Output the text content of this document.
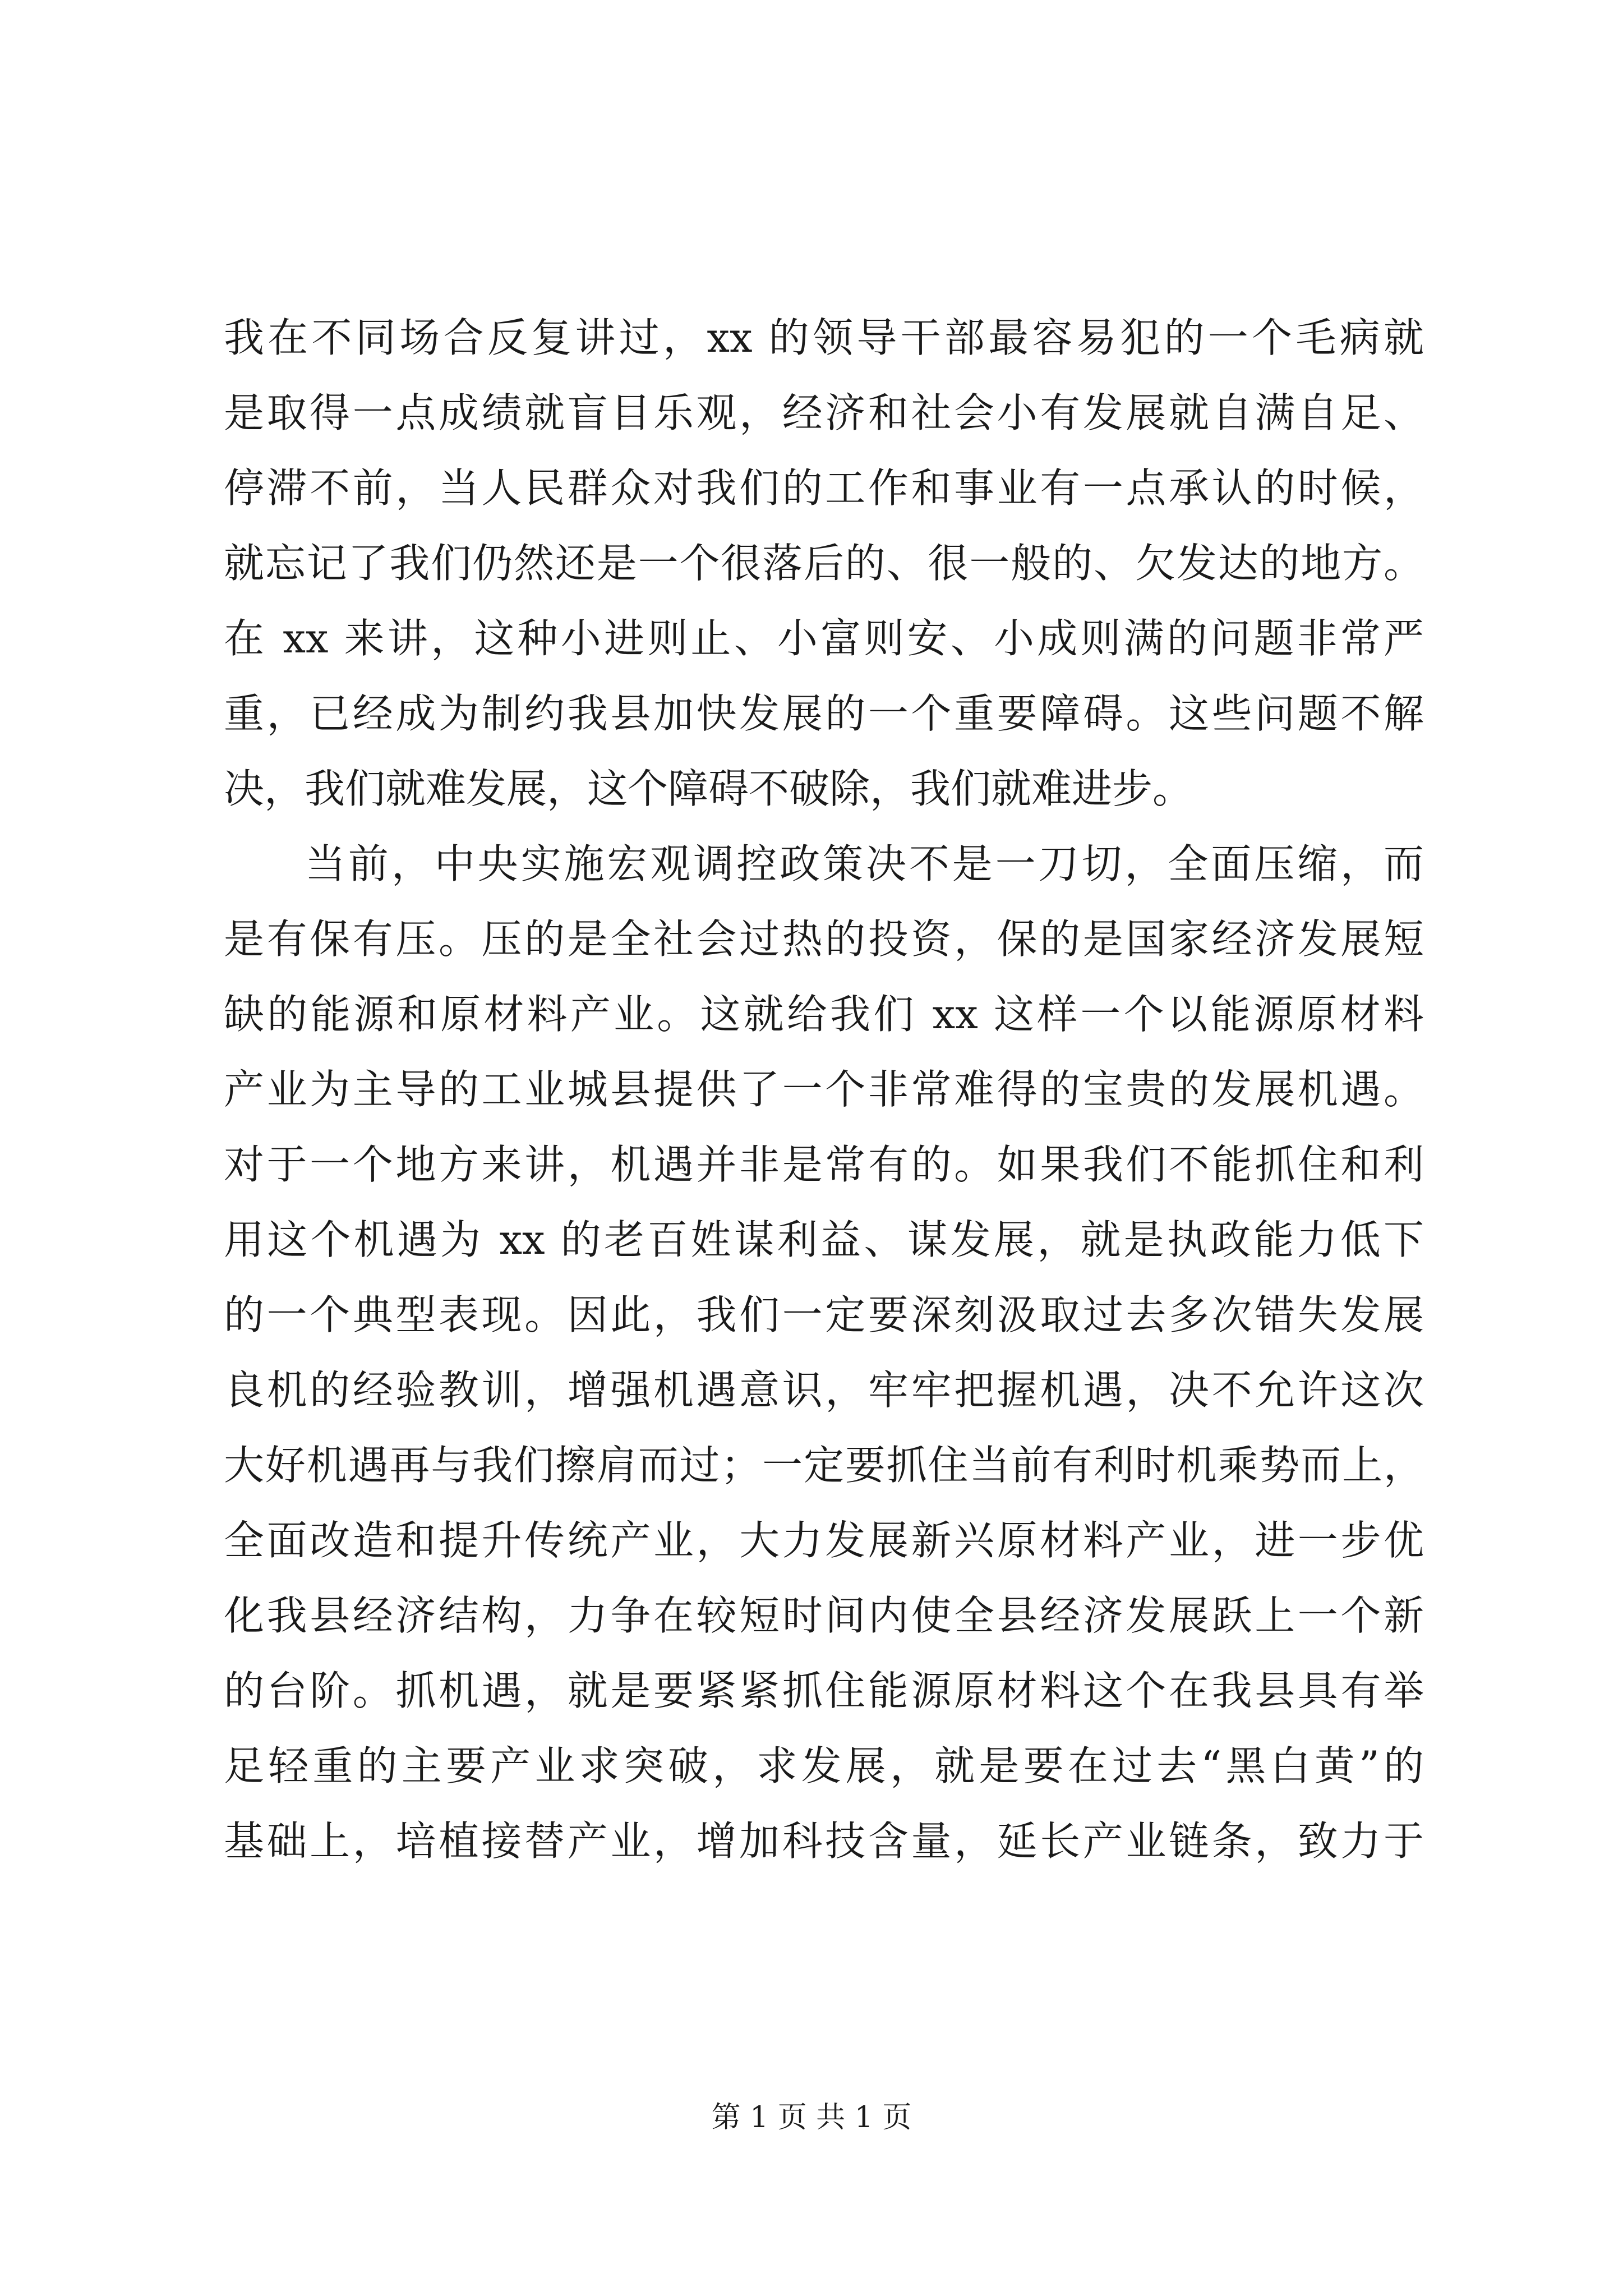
我在不同场合反复讲过，xx 的领导干部最容易犯的一个毛病就
是取得一点成绩就盲目乐观，经济和社会小有发展就自满自足、
停滞不前，当人民群众对我们的工作和事业有一点承认的时候，
就忘记了我们仍然还是一个很落后的、很一般的、欠发达的地方。
在 xx 来讲，这种小进则止、小富则安、小成则满的问题非常严
重，已经成为制约我县加快发展的一个重要障碍。这些问题不解
决，我们就难发展，这个障碍不破除，我们就难进步。
当前，中央实施宏观调控政策决不是一刀切，全面压缩，而
是有保有压。压的是全社会过热的投资，保的是国家经济发展短
缺的能源和原材料产业。这就给我们 xx 这样一个以能源原材料
产业为主导的工业城县提供了一个非常难得的宝贵的发展机遇。
对于一个地方来讲，机遇并非是常有的。如果我们不能抓住和利
用这个机遇为 xx 的老百姓谋利益、谋发展，就是执政能力低下
的一个典型表现。因此，我们一定要深刻汲取过去多次错失发展
良机的经验教训，增强机遇意识，牢牢把握机遇，决不允许这次
大好机遇再与我们擦肩而过；一定要抓住当前有利时机乘势而上，
全面改造和提升传统产业，大力发展新兴原材料产业，进一步优
化我县经济结构，力争在较短时间内使全县经济发展跃上一个新
的台阶。抓机遇，就是要紧紧抓住能源原材料这个在我县具有举
足轻重的主要产业求突破，求发展，就是要在过去“黑白黄”的
基础上，培植接替产业，增加科技含量，延长产业链条，致力于
第 1 页 共 1 页
